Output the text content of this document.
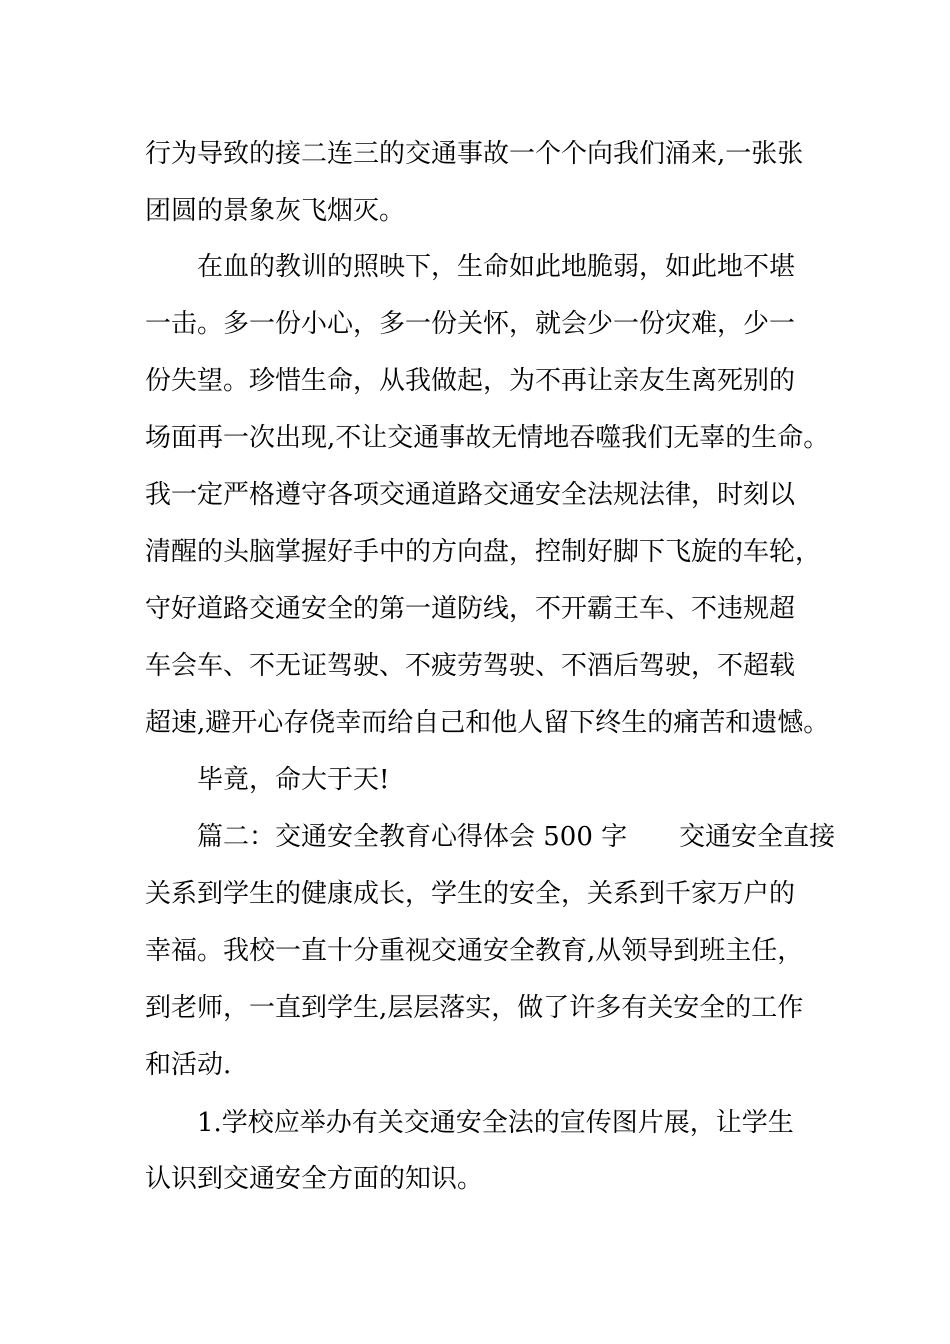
行为导致的接二连三的交通事故一个个向我们涌来,一张张
团圆的景象灰飞烟灭。
在血的教训的照映下，生命如此地脆弱，如此地不堪
一击。多一份小心，多一份关怀，就会少一份灾难，少一
份失望。珍惜生命，从我做起，为不再让亲友生离死别的
场面再一次出现,不让交通事故无情地吞噬我们无辜的生命。
我一定严格遵守各项交通道路交通安全法规法律，时刻以
清醒的头脑掌握好手中的方向盘，控制好脚下飞旋的车轮，
守好道路交通安全的第一道防线，不开霸王车、不违规超
车会车、不无证驾驶、不疲劳驾驶、不酒后驾驶，不超载
超速,避开心存侥幸而给自己和他人留下终生的痛苦和遗憾。
毕竟，命大于天!
篇二：交通安全教育心得体会 500 字　　交通安全直接
关系到学生的健康成长，学生的安全，关系到千家万户的
幸福。我校一直十分重视交通安全教育,从领导到班主任，
到老师，一直到学生,层层落实，做了许多有关安全的工作
和活动.
1.学校应举办有关交通安全法的宣传图片展，让学生
认识到交通安全方面的知识。
